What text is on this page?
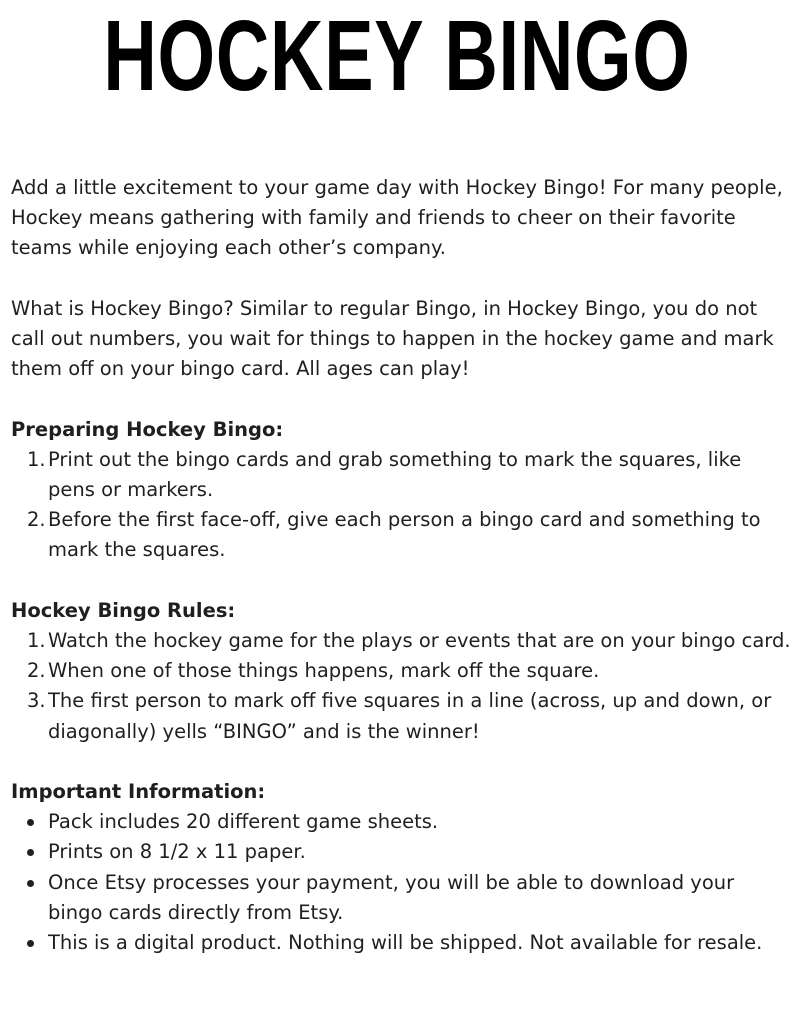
HOCKEY BINGO

Add a little excitement to your game day with Hockey Bingo! For many people, Hockey means gathering with family and friends to cheer on their favorite teams while enjoying each other’s company.

What is Hockey Bingo? Similar to regular Bingo, in Hockey Bingo, you do not call out numbers, you wait for things to happen in the hockey game and mark them off on your bingo card. All ages can play!

Preparing Hockey Bingo:
1. Print out the bingo cards and grab something to mark the squares, like pens or markers.
2. Before the first face-off, give each person a bingo card and something to mark the squares.
Hockey Bingo Rules:
1. Watch the hockey game for the plays or events that are on your bingo card.
2. When one of those things happens, mark off the square.
3. The first person to mark off five squares in a line (across, up and down, or diagonally) yells “BINGO” and is the winner!
Important Information:
Pack includes 20 different game sheets.
Prints on 8 1/2 x 11 paper.
Once Etsy processes your payment, you will be able to download your bingo cards directly from Etsy.
This is a digital product. Nothing will be shipped. Not available for resale.
